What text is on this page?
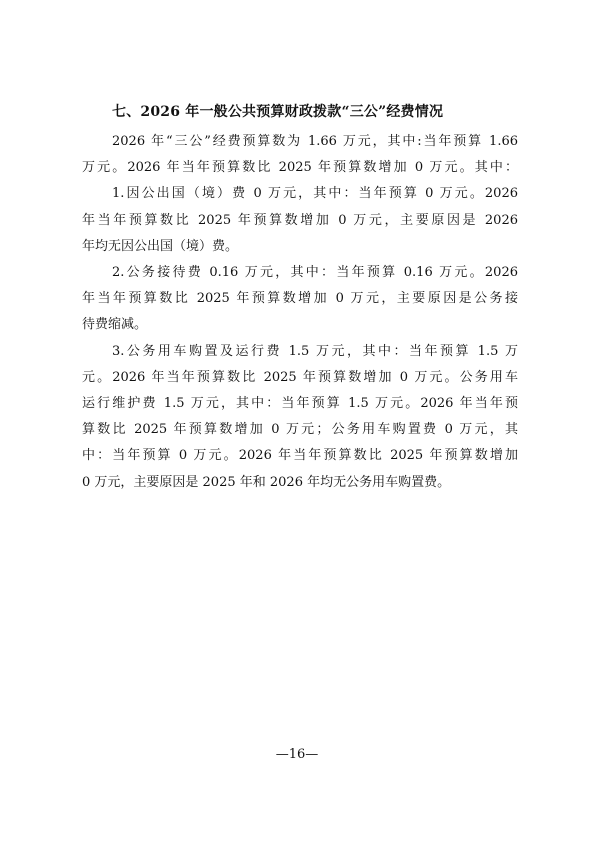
七、2026 年一般公共预算财政拨款“三公”经费情况
2026 年“三公”经费预算数为 1.66 万元，其中:当年预算 1.66
万元。2026 年当年预算数比 2025 年预算数增加 0 万元。其中：
1.因公出国（境）费 0 万元，其中：当年预算 0 万元。2026
年当年预算数比 2025 年预算数增加 0 万元，主要原因是 2026
年均无因公出国（境）费。
2.公务接待费 0.16 万元，其中：当年预算 0.16 万元。2026
年当年预算数比 2025 年预算数增加 0 万元，主要原因是公务接
待费缩减。
3.公务用车购置及运行费 1.5 万元，其中：当年预算 1.5 万
元。2026 年当年预算数比 2025 年预算数增加 0 万元。公务用车
运行维护费 1.5 万元，其中：当年预算 1.5 万元。2026 年当年预
算数比 2025 年预算数增加 0 万元；公务用车购置费 0 万元，其
中：当年预算 0 万元。2026 年当年预算数比 2025 年预算数增加
0 万元，主要原因是 2025 年和 2026 年均无公务用车购置费。
—16—
